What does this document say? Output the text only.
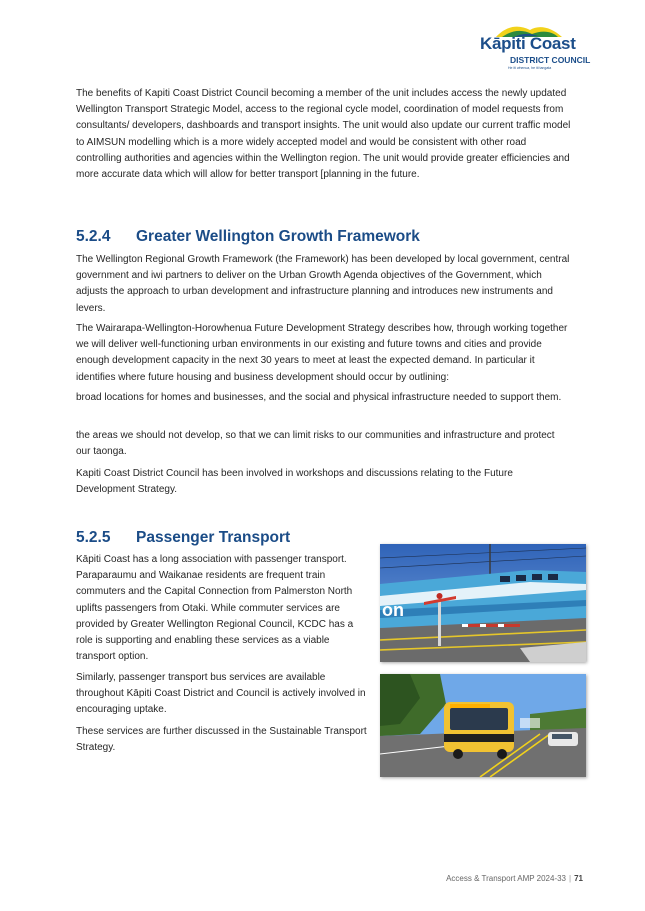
Kāpiti Coast
DISTRICT COUNCIL
He iti whenua, he iti tangata

The benefits of Kapiti Coast District Council becoming a member of the unit includes access the newly updated Wellington Transport Strategic Model, access to the regional cycle model, coordination of model requests from consultants/ developers, dashboards and transport insights. The unit would also update our current traffic model to AIMSUN modelling which is a more widely accepted model and would be consistent with other road controlling authorities and agencies within the Wellington region. The unit would provide greater efficiencies and more accurate data which will allow for better transport [planning in the future.

5.2.4 Greater Wellington Growth Framework

The Wellington Regional Growth Framework (the Framework) has been developed by local government, central government and iwi partners to deliver on the Urban Growth Agenda objectives of the Government, which adjusts the approach to urban development and infrastructure planning and introduces new instruments and levers.

The Wairarapa-Wellington-Horowhenua Future Development Strategy describes how, through working together we will deliver well-functioning urban environments in our existing and future towns and cities and provide enough development capacity in the next 30 years to meet at least the expected demand. In particular it identifies where future housing and business development should occur by outlining:

broad locations for homes and businesses, and the social and physical infrastructure needed to support them.

the areas we should not develop, so that we can limit risks to our communities and infrastructure and protect our taonga.

Kapiti Coast District Council has been involved in workshops and discussions relating to the Future Development Strategy.

5.2.5 Passenger Transport

Kāpiti Coast has a long association with passenger transport. Paraparaumu and Waikanae residents are frequent train commuters and the Capital Connection from Palmerston North uplifts passengers from Otaki. While commuter services are provided by Greater Wellington Regional Council, KCDC has a role is supporting and enabling these services as a viable transport option.

Similarly, passenger transport bus services are available throughout Kāpiti Coast District and Council is actively involved in encouraging uptake.

These services are further discussed in the Sustainable Transport Strategy.

on
Access & Transport AMP 2024-33 | 71
